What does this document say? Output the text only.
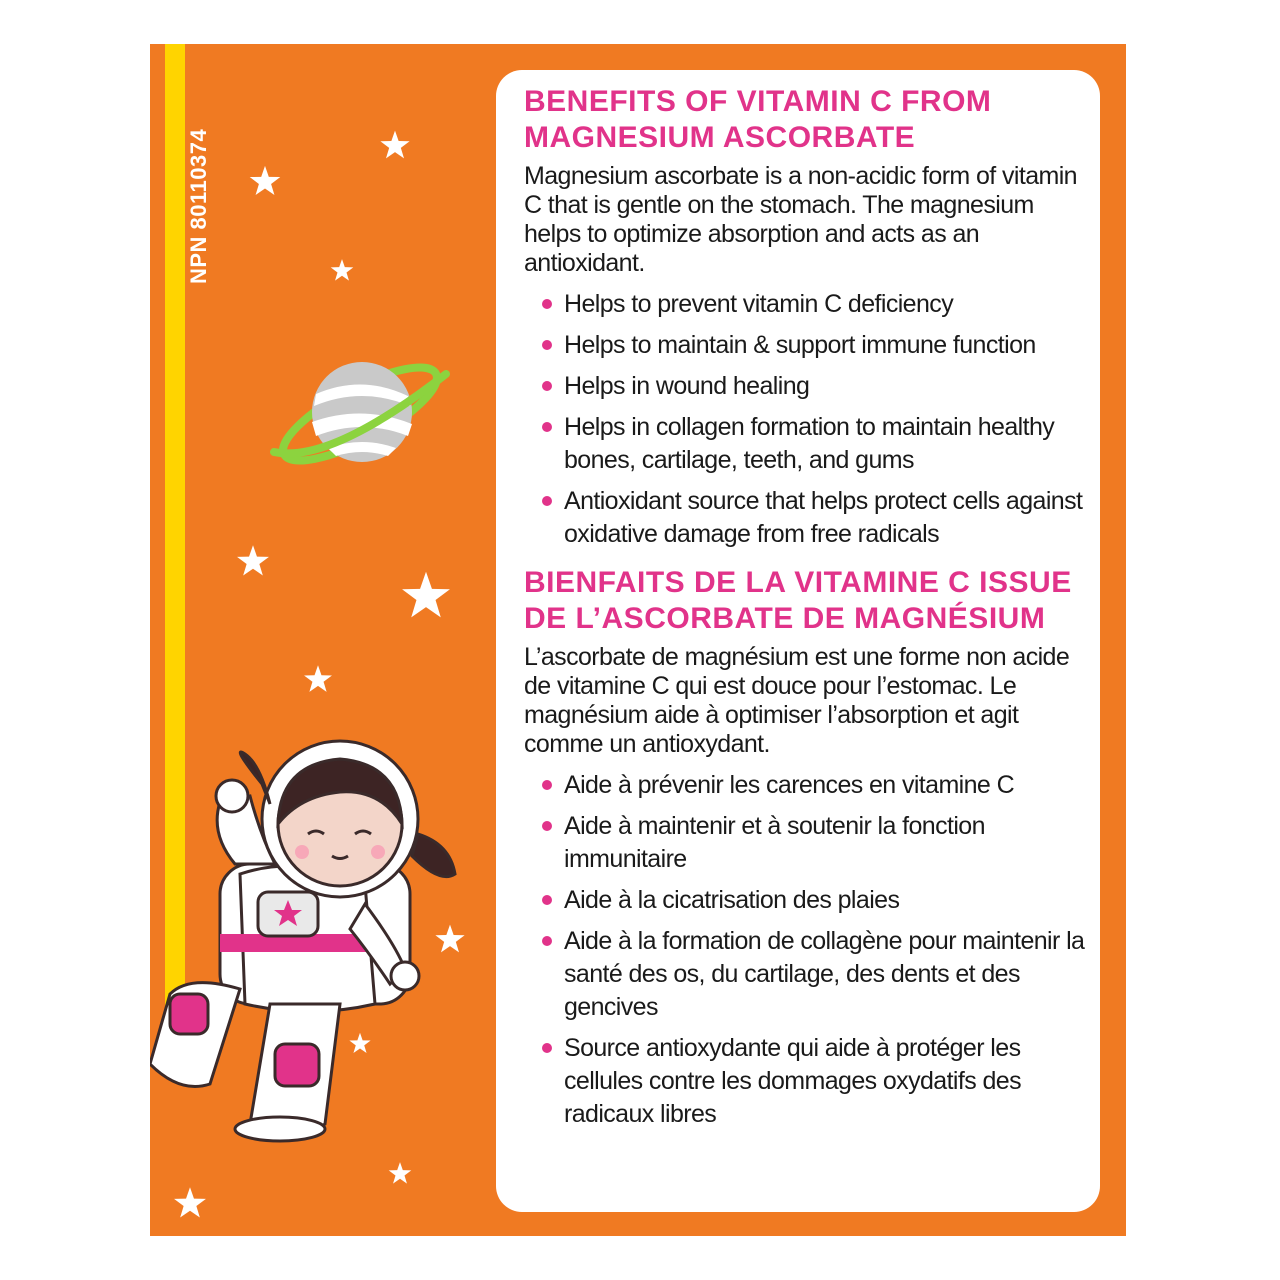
NPN 80110374
BENEFITS OF VITAMIN C FROM MAGNESIUM ASCORBATE

Magnesium ascorbate is a non-acidic form of vitamin C that is gentle on the stomach. The magnesium helps to optimize absorption and acts as an antioxidant.

Helps to prevent vitamin C deficiency
Helps to maintain & support immune function
Helps in wound healing
Helps in collagen formation to maintain healthy bones, cartilage, teeth, and gums
Antioxidant source that helps protect cells against oxidative damage from free radicals
BIENFAITS DE LA VITAMINE C ISSUE DE L’ASCORBATE DE MAGNÉSIUM

L’ascorbate de magnésium est une forme non acide de vitamine C qui est douce pour l’estomac. Le magnésium aide à optimiser l’absorption et agit comme un antioxydant.

Aide à prévenir les carences en vitamine C
Aide à maintenir et à soutenir la fonction immunitaire
Aide à la cicatrisation des plaies
Aide à la formation de collagène pour maintenir la santé des os, du cartilage, des dents et des gencives
Source antioxydante qui aide à protéger les cellules contre les dommages oxydatifs des radicaux libres
